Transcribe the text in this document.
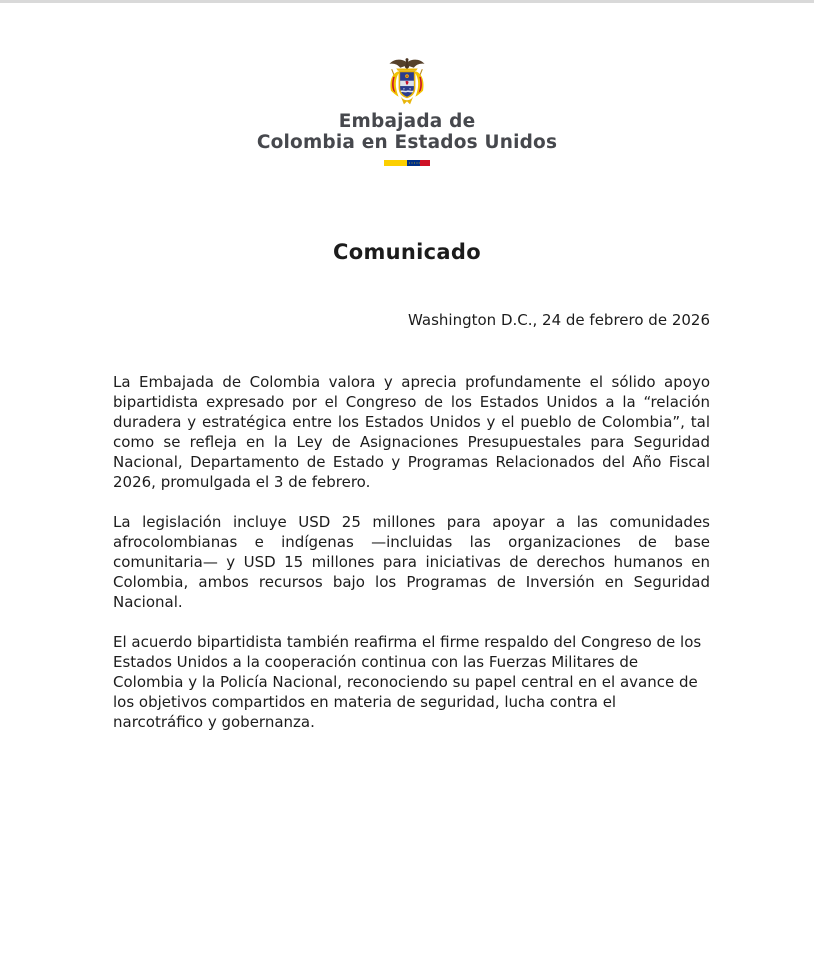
Embajada de
Colombia en Estados Unidos
Comunicado
Washington D.C., 24 de febrero de 2026

La Embajada de Colombia valora y aprecia profundamente el sólido apoyo bipartidista expresado por el Congreso de los Estados Unidos a la “relación duradera y estratégica entre los Estados Unidos y el pueblo de Colombia”, tal como se refleja en la Ley de Asignaciones Presupuestales para Seguridad Nacional, Departamento de Estado y Programas Relacionados del Año Fiscal 2026, promulgada el 3 de febrero.

La legislación incluye USD 25 millones para apoyar a las comunidades afrocolombianas e indígenas —incluidas las organizaciones de base comunitaria— y USD 15 millones para iniciativas de derechos humanos en Colombia, ambos recursos bajo los Programas de Inversión en Seguridad Nacional.

El acuerdo bipartidista también reafirma el firme respaldo del Congreso de los Estados Unidos a la cooperación continua con las Fuerzas Militares de Colombia y la Policía Nacional, reconociendo su papel central en el avance de los objetivos compartidos en materia de seguridad, lucha contra el narcotráfico y gobernanza.
